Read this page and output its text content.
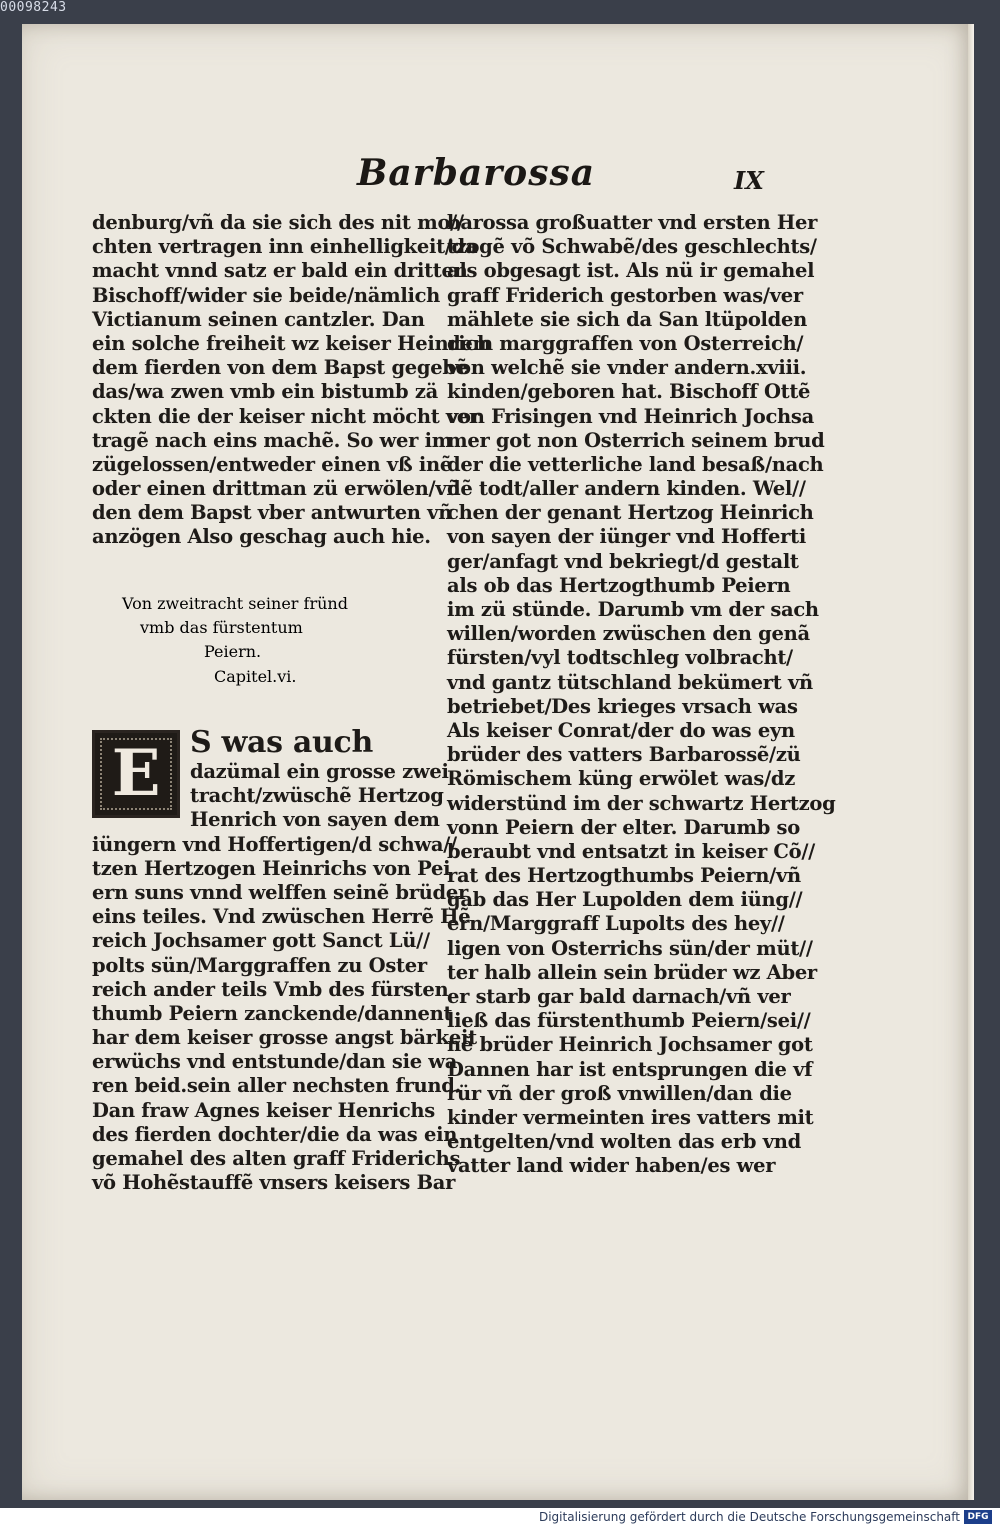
00098243
Barbarossa	IX
denburg/vñ da sie sich des nit mo//
chten vertragen inn einhelligkeit/da
macht vnnd satz er bald ein dritten
Bischoff/wider sie beide/nämlich
Victianum seinen cantzler. Dan
ein solche freiheit wz keiser Heinrich
dem fierden von dem Bapst gegebẽ
das/wa zwen vmb ein bistumb zä
ckten die der keiser nicht möcht ver
tragẽ nach eins machẽ. So wer im
zügelossen/entweder einen vß inẽ
oder einen drittman zü erwölen/vñ
den dem Bapst vber antwurten vñ
anzögen Also geschag auch hie.
Von zweitracht seiner fründ
vmb das fürstentum
Peiern.
Capitel.vi.
E S was auch
dazümal ein grosse zwei
tracht/zwüschẽ Hertzog
Henrich von sayen dem
iüngern vnd Hoffertigen/d schwa//
tzen Hertzogen Heinrichs von Pei
ern suns vnnd welffen seinẽ brüder
eins teiles. Vnd zwüschen Herrẽ Hẽ
reich Jochsamer gott Sanct Lü//
polts sün/Marggraffen zu Oster
reich ander teils Vmb des fürsten
thumb Peiern zanckende/dannent
har dem keiser grosse angst bärkeit
erwüchs vnd entstunde/dan sie wa
ren beid.sein aller nechsten frund.
Dan fraw Agnes keiser Henrichs
des fierden dochter/die da was ein
gemahel des alten graff Friderichs
võ Hohẽstauffẽ vnsers keisers Bar
barossa großuatter vnd ersten Her
tzogẽ võ Schwabẽ/des geschlechts/
als obgesagt ist. Als nü ir gemahel
graff Friderich gestorben was/ver
mählete sie sich da San ltüpolden
dem marggraffen von Osterreich/
von welchẽ sie vnder andern.xviii.
kinden/geboren hat. Bischoff Ottẽ
von Frisingen vnd Heinrich Jochsa
mer got non Osterrich seinem brud
der die vetterliche land besaß/nach
dẽ todt/aller andern kinden. Wel//
chen der genant Hertzog Heinrich
von sayen der iünger vnd Hofferti
ger/anfagt vnd bekriegt/d gestalt
als ob das Hertzogthumb Peiern
im zü stünde. Darumb vm der sach
willen/worden zwüschen den genã
fürsten/vyl todtschleg volbracht/
vnd gantz tütschland bekümert vñ
betriebet/Des krieges vrsach was
Als keiser Conrat/der do was eyn
brüder des vatters Barbarossẽ/zü
Römischem küng erwölet was/dz
widerstünd im der schwartz Hertzog
vonn Peiern der elter. Darumb so
beraubt vnd entsatzt in keiser Cõ//
rat des Hertzogthumbs Peiern/vñ
gab das Her Lupolden dem iüng//
ern/Marggraff Lupolts des hey//
ligen von Osterrichs sün/der müt//
ter halb allein sein brüder wz Aber
er starb gar bald darnach/vñ ver
ließ das fürstenthumb Peiern/sei//
nẽ brüder Heinrich Jochsamer got
Dannen har ist entsprungen die vf
rür vñ der groß vnwillen/dan die
kinder vermeinten ires vatters mit
entgelten/vnd wolten das erb vnd
vatter land wider haben/es wer
Digitalisierung gefördert durch die Deutsche Forschungsgemeinschaft DFG
